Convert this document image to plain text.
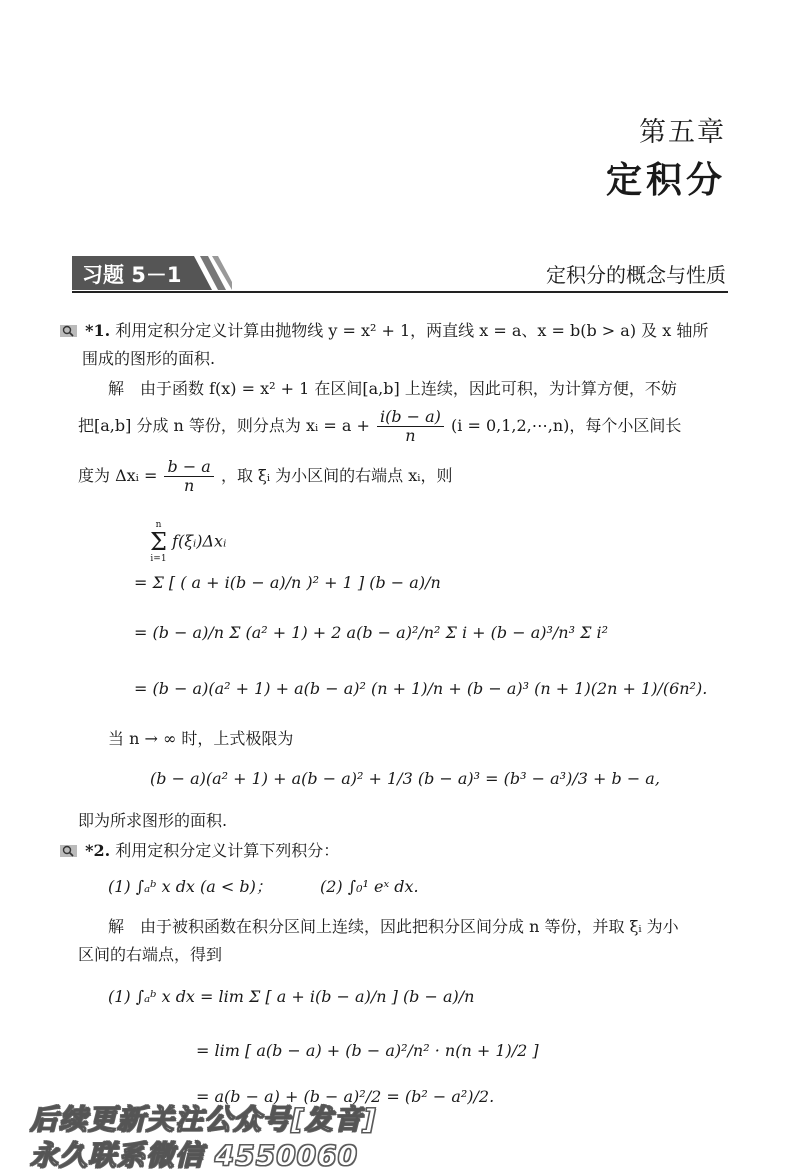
第五章
定积分
习题 5－1	定积分的概念与性质
*1. 利用定积分定义计算由抛物线 y = x² + 1，两直线 x = a、x = b(b > a) 及 x 轴所
围成的图形的面积.
解　由于函数 f(x) = x² + 1 在区间[a,b] 上连续，因此可积，为计算方便，不妨
把[a,b] 分成 n 等份，则分点为 xᵢ = $a + \frac{i(b - a)}{n} (i$ = 0,1,2,⋯,n)，每个小区间长
度为 Δxᵢ = $\frac{b - a}{n}$ ，取 ξᵢ 为小区间的右端点 xᵢ，则
n
Σ
i=1
f(ξᵢ)Δxᵢ
= Σ [ ( a + i(b − a)/n )² + 1 ] (b − a)/n
= (b − a)/n Σ (a² + 1) + 2 a(b − a)²/n² Σ i + (b − a)³/n³ Σ i²
= (b − a)(a² + 1) + a(b − a)² (n + 1)/n + (b − a)³ (n + 1)(2n + 1)/(6n²).
当 n → ∞ 时，上式极限为
(b − a)(a² + 1) + a(b − a)² + 1/3 (b − a)³ = (b³ − a³)/3 + b − a,
即为所求图形的面积.
*2. 利用定积分定义计算下列积分：
(1) ∫ₐᵇ x dx (a < b)；	(2) ∫₀¹ eˣ dx.
解　由于被积函数在积分区间上连续，因此把积分区间分成 n 等份，并取 ξᵢ 为小
区间的右端点，得到
(1) ∫ₐᵇ x dx = lim Σ [ a + i(b − a)/n ] (b − a)/n
= lim [ a(b − a) + (b − a)²/n² · n(n + 1)/2 ]
= a(b − a) + (b − a)²/2 = (b² − a²)/2.
后续更新关注公众号[发音]
永久联系微信 4550060
